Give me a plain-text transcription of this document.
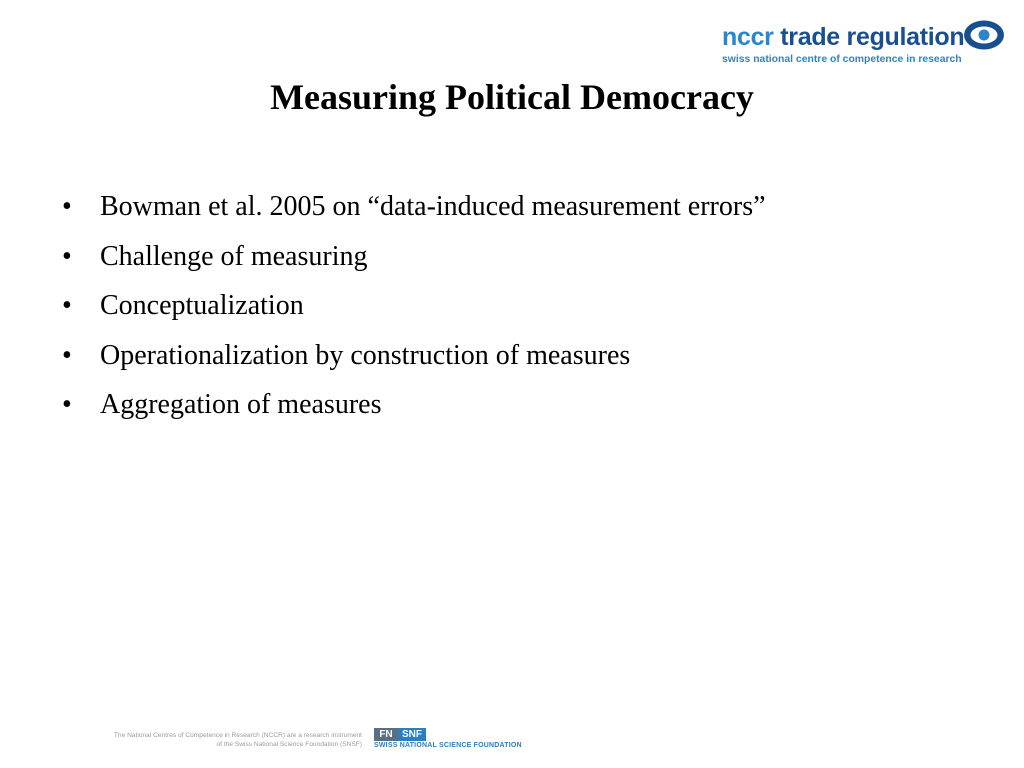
nccr trade regulation
swiss national centre of competence in research
Measuring Political Democracy
• Bowman et al. 2005 on “data-induced measurement errors”
• Challenge of measuring
• Conceptualization
• Operationalization by construction of measures
• Aggregation of measures
The National Centres of Competence in Research (NCCR) are a research instrument
of the Swiss National Science Foundation (SNSF)
FN SNF
SWISS NATIONAL SCIENCE FOUNDATION
